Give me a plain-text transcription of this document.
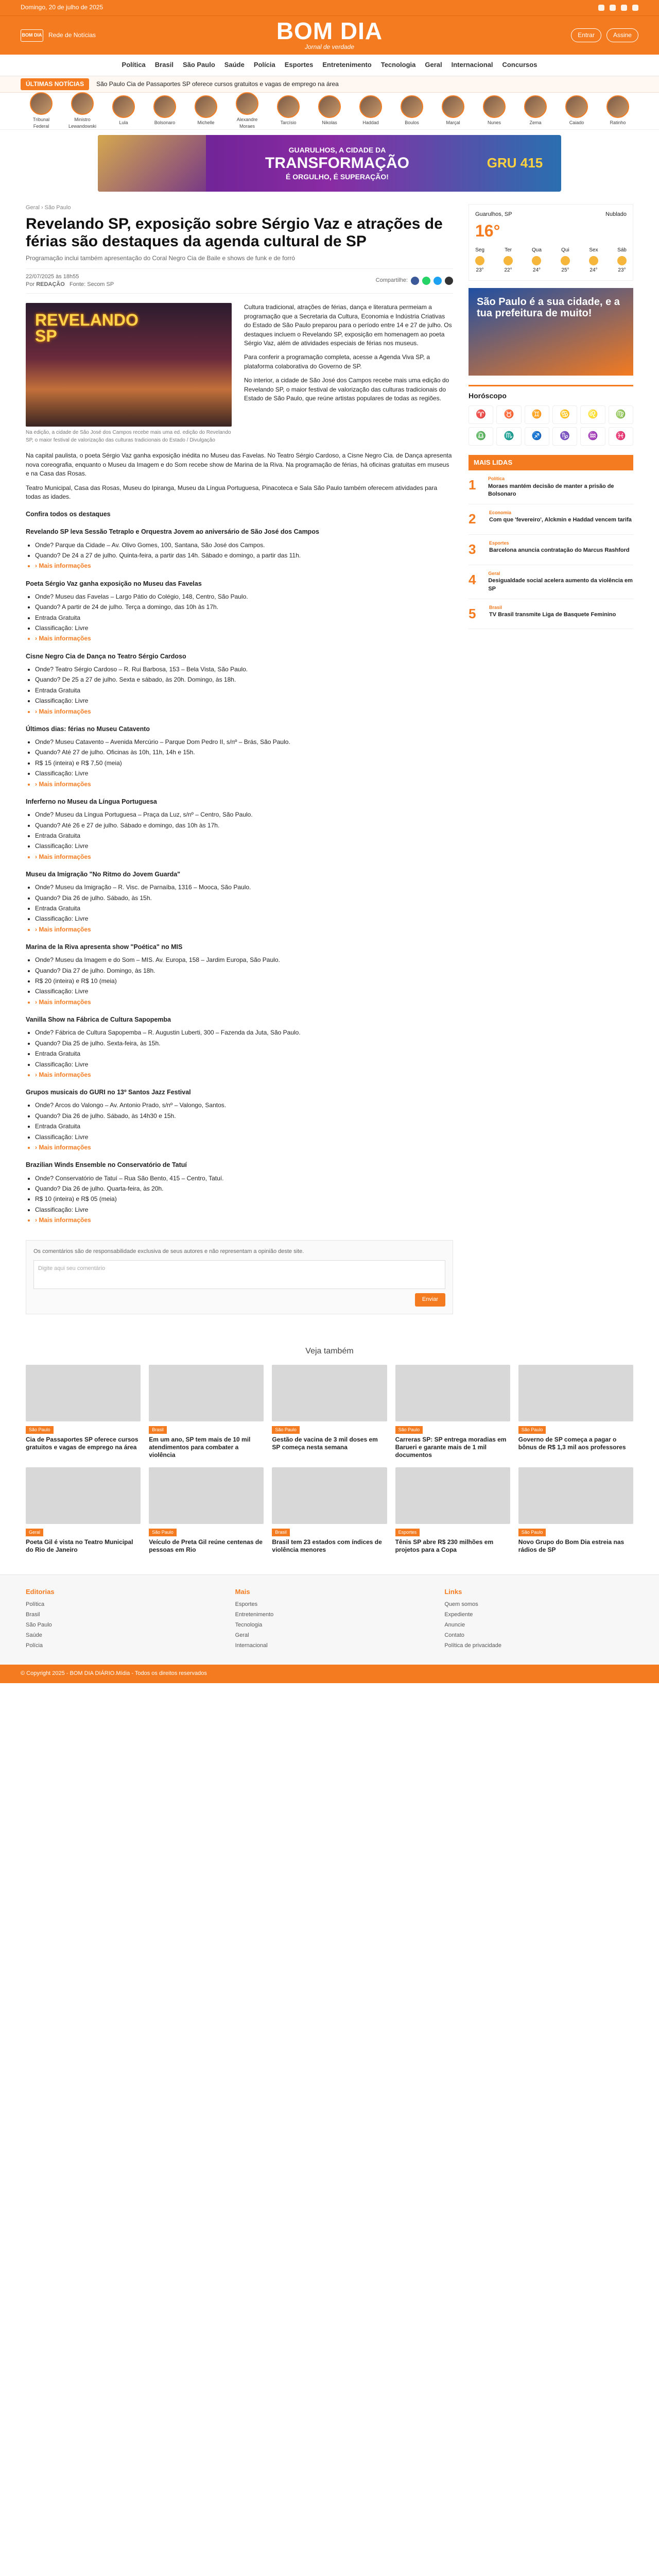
Domingo, 20 de julho de 2025
BOM DIA Rede de Notícias	BOM DIA
Jornal de verdade
Entrar	Assine
Política Brasil São Paulo Saúde Polícia Esportes Entretenimento Tecnologia Geral Internacional Concursos
ÚLTIMAS NOTÍCIAS	São Paulo Cia de Passaportes SP oferece cursos gratuitos e vagas de emprego na área
Tribunal Federal
Ministro Lewandowski
Lula	Bolsonaro	Michelle
Alexandre Moraes
Tarcísio	Nikolas	Haddad	Boulos	Marçal	Nunes	Zema	Caiado	Ratinho
GUARULHOS, A CIDADE DA
TRANSFORMAÇÃO
É ORGULHO, É SUPERAÇÃO!
GRU 415
Geral › São Paulo
Revelando SP, exposição sobre Sérgio Vaz e atrações de férias são destaques da agenda cultural de SP
Programação inclui também apresentação do Coral Negro Cia de Baile e shows de funk e de forró
22/07/2025 às 18h55
Por REDAÇÃO Fonte: Secom SP
Compartilhe:
REVELANDO
SP
Na edição, a cidade de São José dos Campos recebe mais uma ed. edição do Revelando SP, o maior festival de valorização das culturas tradicionais do Estado / Divulgação

Cultura tradicional, atrações de férias, dança e literatura permeiam a programação que a Secretaria da Cultura, Economia e Indústria Criativas do Estado de São Paulo preparou para o período entre 14 e 27 de julho. Os destaques incluem o Revelando SP, exposição em homenagem ao poeta Sérgio Vaz, além de atividades especiais de férias nos museus.

Para conferir a programação completa, acesse a Agenda Viva SP, a plataforma colaborativa do Governo de SP.

No interior, a cidade de São José dos Campos recebe mais uma edição do Revelando SP, o maior festival de valorização das culturas tradicionais do Estado de São Paulo, que reúne artistas populares de todas as regiões.

Na capital paulista, o poeta Sérgio Vaz ganha exposição inédita no Museu das Favelas. No Teatro Sérgio Cardoso, a Cisne Negro Cia. de Dança apresenta nova coreografia, enquanto o Museu da Imagem e do Som recebe show de Marina de la Riva. Na programação de férias, há oficinas gratuitas em museus e na Casa das Rosas.

Teatro Municipal, Casa das Rosas, Museu do Ipiranga, Museu da Língua Portuguesa, Pinacoteca e Sala São Paulo também oferecem atividades para todas as idades.

Confira todos os destaques
Revelando SP leva Sessão Tetraplo e Orquestra Jovem ao aniversário de São José dos Campos
• Onde? Parque da Cidade – Av. Olivo Gomes, 100, Santana, São José dos Campos.
• Quando? De 24 a 27 de julho. Quinta-feira, a partir das 14h. Sábado e domingo, a partir das 11h.
• › Mais informações
Poeta Sérgio Vaz ganha exposição no Museu das Favelas
• Onde? Museu das Favelas – Largo Pátio do Colégio, 148, Centro, São Paulo.
• Quando? A partir de 24 de julho. Terça a domingo, das 10h às 17h.
• Entrada Gratuita
• Classificação: Livre
• › Mais informações
Cisne Negro Cia de Dança no Teatro Sérgio Cardoso
• Onde? Teatro Sérgio Cardoso – R. Rui Barbosa, 153 – Bela Vista, São Paulo.
• Quando? De 25 a 27 de julho. Sexta e sábado, às 20h. Domingo, às 18h.
• Entrada Gratuita
• Classificação: Livre
• › Mais informações
Últimos dias: férias no Museu Catavento
• Onde? Museu Catavento – Avenida Mercúrio – Parque Dom Pedro II, s/nº – Brás, São Paulo.
• Quando? Até 27 de julho. Oficinas às 10h, 11h, 14h e 15h.
• R$ 15 (inteira) e R$ 7,50 (meia)
• Classificação: Livre
• › Mais informações
Inferferno no Museu da Língua Portuguesa
• Onde? Museu da Língua Portuguesa – Praça da Luz, s/nº – Centro, São Paulo.
• Quando? Até 26 e 27 de julho. Sábado e domingo, das 10h às 17h.
• Entrada Gratuita
• Classificação: Livre
• › Mais informações
Museu da Imigração "No Ritmo do Jovem Guarda"
• Onde? Museu da Imigração – R. Visc. de Parnaíba, 1316 – Mooca, São Paulo.
• Quando? Dia 26 de julho. Sábado, às 15h.
• Entrada Gratuita
• Classificação: Livre
• › Mais informações
Marina de la Riva apresenta show "Poética" no MIS
• Onde? Museu da Imagem e do Som – MIS. Av. Europa, 158 – Jardim Europa, São Paulo.
• Quando? Dia 27 de julho. Domingo, às 18h.
• R$ 20 (inteira) e R$ 10 (meia)
• Classificação: Livre
• › Mais informações
Vanilla Show na Fábrica de Cultura Sapopemba
• Onde? Fábrica de Cultura Sapopemba – R. Augustin Luberti, 300 – Fazenda da Juta, São Paulo.
• Quando? Dia 25 de julho. Sexta-feira, às 15h.
• Entrada Gratuita
• Classificação: Livre
• › Mais informações
Grupos musicais do GURI no 13º Santos Jazz Festival
• Onde? Arcos do Valongo – Av. Antonio Prado, s/nº – Valongo, Santos.
• Quando? Dia 26 de julho. Sábado, às 14h30 e 15h.
• Entrada Gratuita
• Classificação: Livre
• › Mais informações
Brazilian Winds Ensemble no Conservatório de Tatuí
• Onde? Conservatório de Tatuí – Rua São Bento, 415 – Centro, Tatuí.
• Quando? Dia 26 de julho. Quarta-feira, às 20h.
• R$ 10 (inteira) e R$ 05 (meia)
• Classificação: Livre
• › Mais informações
Os comentários são de responsabilidade exclusiva de seus autores e não representam a opinião deste site.
Digite aqui seu comentário
Enviar
Guarulhos, SP	Nublado
16°
Seg
23°
Ter
22°
Qua
24°
Qui
25°
Sex
24°
Sáb
23°
São Paulo é a sua cidade, e a tua prefeitura de muito!
Horóscopo
♈	♉	♊	♋	♌	♍
♎	♏	♐	♑	♒	♓
MAIS LIDAS
1	Política
Moraes mantém decisão de manter a prisão de Bolsonaro
2	Economia
Com que 'fevereiro', Alckmin e Haddad vencem tarifa
3	Esportes
Barcelona anuncia contratação do Marcus Rashford
4	Geral
Desigualdade social acelera aumento da violência em SP
5	Brasil
TV Brasil transmite Liga de Basquete Feminino
Veja também
São Paulo
Cia de Passaportes SP oferece cursos gratuitos e vagas de emprego na área
Brasil
Em um ano, SP tem mais de 10 mil atendimentos para combater a violência
São Paulo
Gestão de vacina de 3 mil doses em SP começa nesta semana
São Paulo
Carreras SP: SP entrega moradias em Barueri e garante mais de 1 mil documentos
São Paulo
Governo de SP começa a pagar o bônus de R$ 1,3 mil aos professores
Geral
Poeta Gil é vista no Teatro Municipal do Rio de Janeiro
São Paulo
Veículo de Preta Gil reúne centenas de pessoas em Rio
Brasil
Brasil tem 23 estados com índices de violência menores
Esportes
Tênis SP abre R$ 230 milhões em projetos para a Copa
São Paulo
Novo Grupo do Bom Dia estreia nas rádios de SP
Editorias
Política
Brasil
São Paulo
Saúde
Polícia
Mais
Esportes
Entretenimento
Tecnologia
Geral
Internacional
Links
Quem somos
Expediente
Anuncie
Contato
Política de privacidade
© Copyright 2025 - BOM DIA DIÁRIO.Mídia - Todos os direitos reservados
